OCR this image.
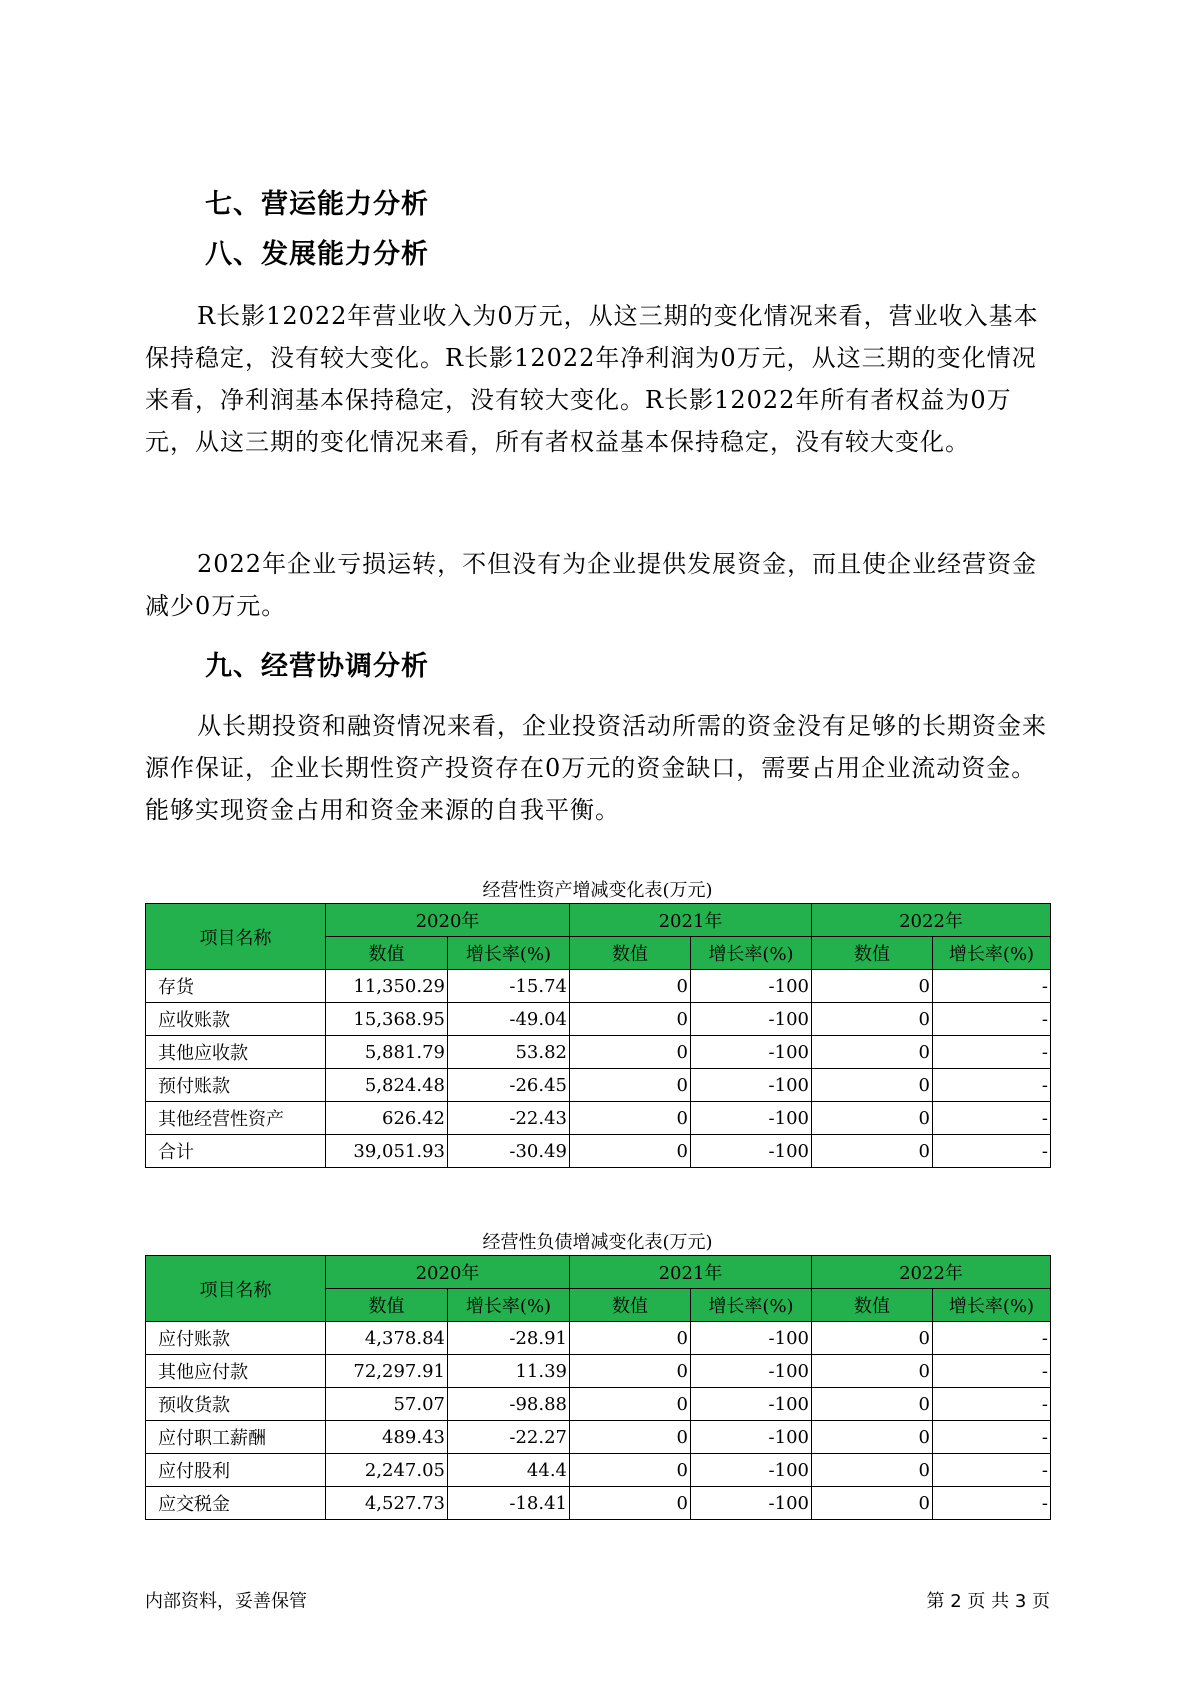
七、营运能力分析
八、发展能力分析

R长影12022年营业收入为0万元，从这三期的变化情况来看，营业收入基本保持稳定，没有较大变化。R长影12022年净利润为0万元，从这三期的变化情况来看，净利润基本保持稳定，没有较大变化。R长影12022年所有者权益为0万元，从这三期的变化情况来看，所有者权益基本保持稳定，没有较大变化。

2022年企业亏损运转，不但没有为企业提供发展资金，而且使企业经营资金减少0万元。

九、经营协调分析

从长期投资和融资情况来看，企业投资活动所需的资金没有足够的长期资金来源作保证，企业长期性资产投资存在0万元的资金缺口，需要占用企业流动资金。能够实现资金占用和资金来源的自我平衡。

经营性资产增减变化表(万元)
项目名称	2020年		2021年		2022年	
	数值	增长率(%)	数值	增长率(%)	数值	增长率(%)
存货	11,350.29	-15.74	0	-100	0	-
应收账款	15,368.95	-49.04	0	-100	0	-
其他应收款	5,881.79	53.82	0	-100	0	-
预付账款	5,824.48	-26.45	0	-100	0	-
其他经营性资产	626.42	-22.43	0	-100	0	-
合计	39,051.93	-30.49	0	-100	0	-
经营性负债增减变化表(万元)
项目名称	2020年		2021年		2022年	
	数值	增长率(%)	数值	增长率(%)	数值	增长率(%)
应付账款	4,378.84	-28.91	0	-100	0	-
其他应付款	72,297.91	11.39	0	-100	0	-
预收货款	57.07	-98.88	0	-100	0	-
应付职工薪酬	489.43	-22.27	0	-100	0	-
应付股利	2,247.05	44.4	0	-100	0	-
应交税金	4,527.73	-18.41	0	-100	0	-
内部资料，妥善保管	第 2 页 共 3 页
